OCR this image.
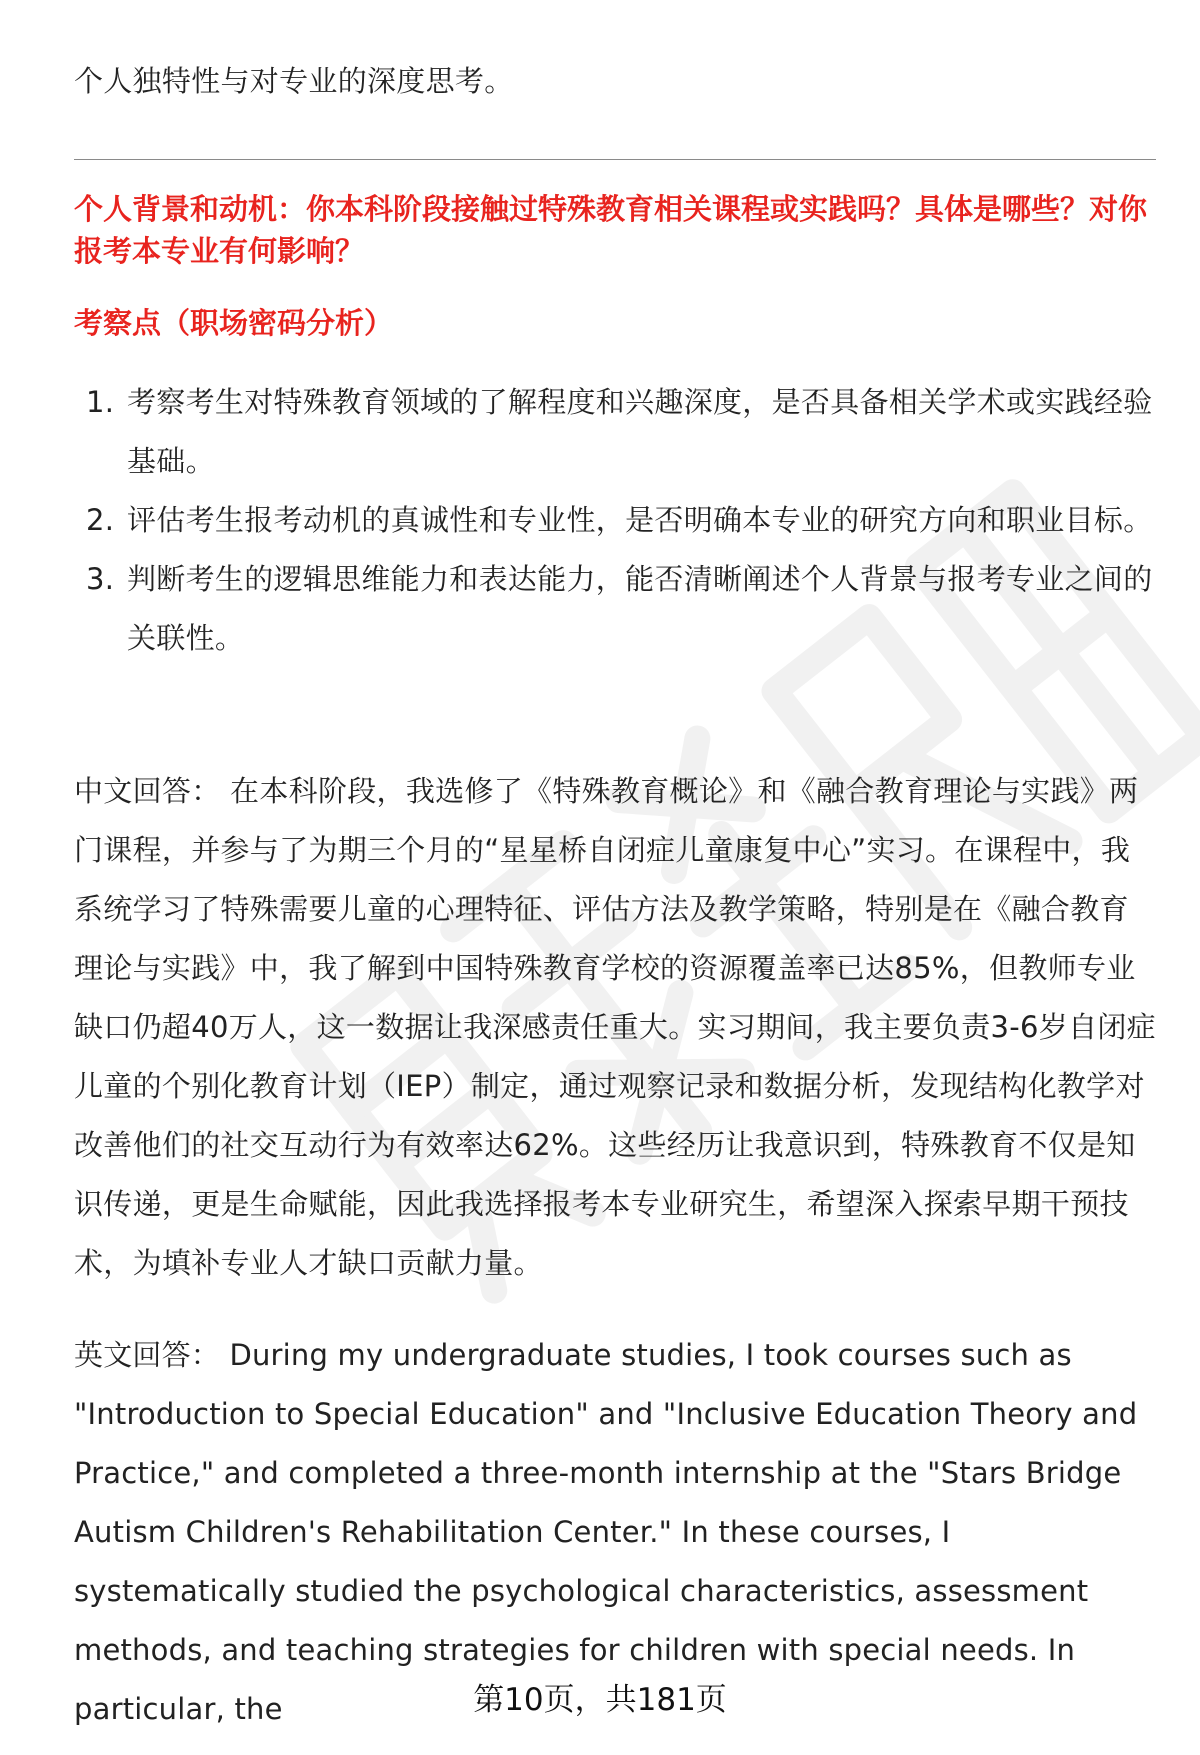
个人独特性与对专业的深度思考。

个人背景和动机：你本科阶段接触过特殊教育相关课程或实践吗？具体是哪些？对你报考本专业有何影响？

考察点（职场密码分析）

1. 考察考生对特殊教育领域的了解程度和兴趣深度，是否具备相关学术或实践经验基础。
2. 评估考生报考动机的真诚性和专业性，是否明确本专业的研究方向和职业目标。
3. 判断考生的逻辑思维能力和表达能力，能否清晰阐述个人背景与报考专业之间的关联性。

中文回答： 在本科阶段，我选修了《特殊教育概论》和《融合教育理论与实践》两门课程，并参与了为期三个月的“星星桥自闭症儿童康复中心”实习。在课程中，我系统学习了特殊需要儿童的心理特征、评估方法及教学策略，特别是在《融合教育理论与实践》中，我了解到中国特殊教育学校的资源覆盖率已达85%，但教师专业缺口仍超40万人，这一数据让我深感责任重大。实习期间，我主要负责3-6岁自闭症儿童的个别化教育计划（IEP）制定，通过观察记录和数据分析，发现结构化教学对改善他们的社交互动行为有效率达62%。这些经历让我意识到，特殊教育不仅是知识传递，更是生命赋能，因此我选择报考本专业研究生，希望深入探索早期干预技术，为填补专业人才缺口贡献力量。

英文回答： During my undergraduate studies, I took courses such as "Introduction to Special Education" and "Inclusive Education Theory and Practice," and completed a three-month internship at the "Stars Bridge Autism Children's Rehabilitation Center." In these courses, I systematically studied the psychological characteristics, assessment methods, and teaching strategies for children with special needs. In particular, the	第10页，共181页
